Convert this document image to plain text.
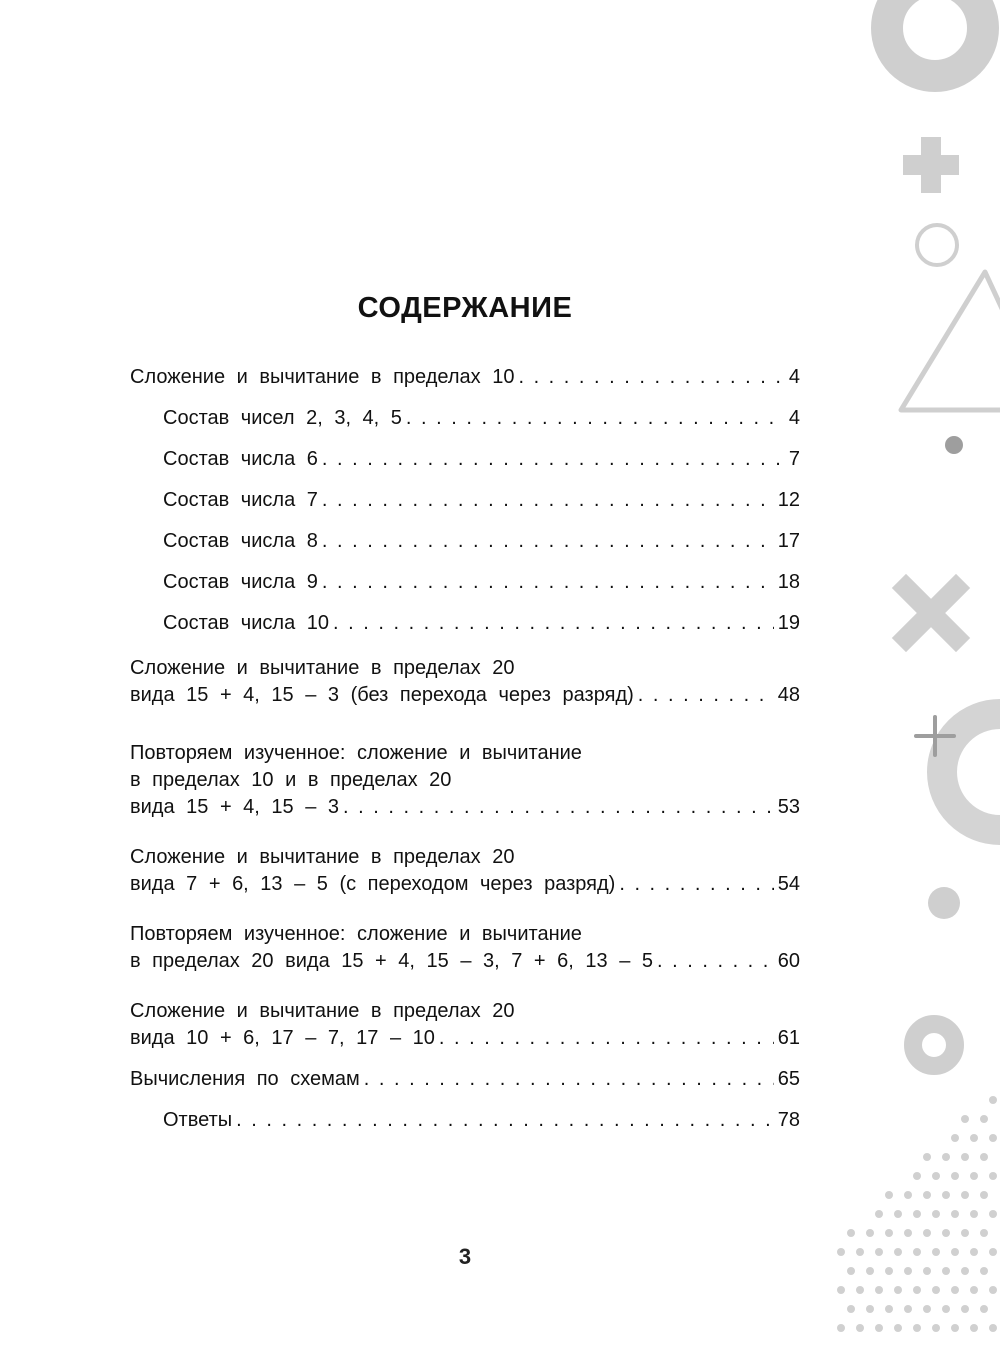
СОДЕРЖАНИЕ
Сложение и вычитание в пределах 10 . . .	4
Состав чисел 2, 3, 4, 5 . . .	4
Состав числа 6 . . .	7
Состав числа 7 . . .	12
Состав числа 8 . . .	17
Состав числа 9 . . .	18
Состав числа 10 . . .	19
Сложение и вычитание в пределах 20
вида 15 + 4, 15 – 3 (без перехода через разряд) . . .	48
Повторяем изученное: сложение и вычитание
в пределах 10 и в пределах 20
вида 15 + 4, 15 – 3 . . .	53
Сложение и вычитание в пределах 20
вида 7 + 6, 13 – 5 (с переходом через разряд) . . .	54
Повторяем изученное: сложение и вычитание
в пределах 20 вида 15 + 4, 15 – 3, 7 + 6, 13 – 5 . . .	60
Сложение и вычитание в пределах 20
вида 10 + 6, 17 – 7, 17 – 10 . . .	61
Вычисления по схемам . . .	65
Ответы . . .	78
3
